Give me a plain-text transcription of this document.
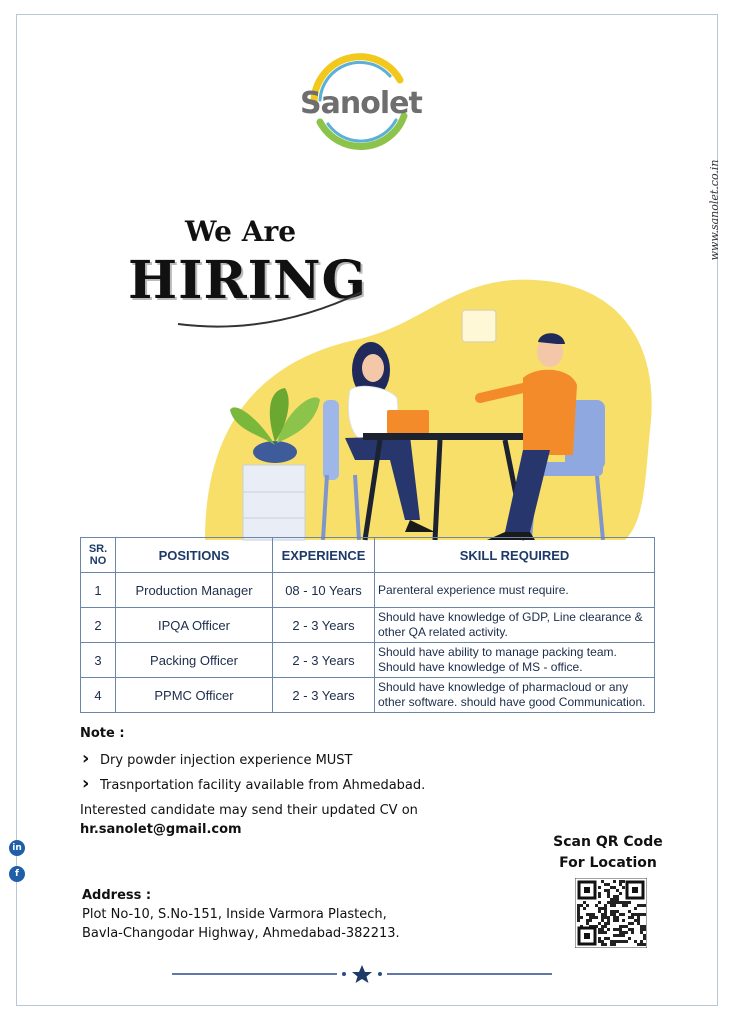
Sanolet
www.sanolet.co.in
We Are
HIRING
SR.
NO	POSITIONS	EXPERIENCE	SKILL REQUIRED
1	Production Manager	08 - 10 Years	Parenteral experience must require.
2	IPQA Officer	2 - 3 Years	Should have knowledge of GDP, Line clearance &
other QA related activity.
3	Packing Officer	2 - 3 Years	Should have ability to manage packing team.
Should have knowledge of MS - office.
4	PPMC Officer	2 - 3 Years	Should have knowledge of pharmacloud or any
other software. should have good Communication.
Note :
› Dry powder injection experience MUST
› Trasnportation facility available from Ahmedabad.
Interested candidate may send their updated CV on
hr.sanolet@gmail.com
in
f
Address :
Plot No-10, S.No-151, Inside Varmora Plastech,
Bavla-Changodar Highway, Ahmedabad-382213.
Scan QR Code
For Location
